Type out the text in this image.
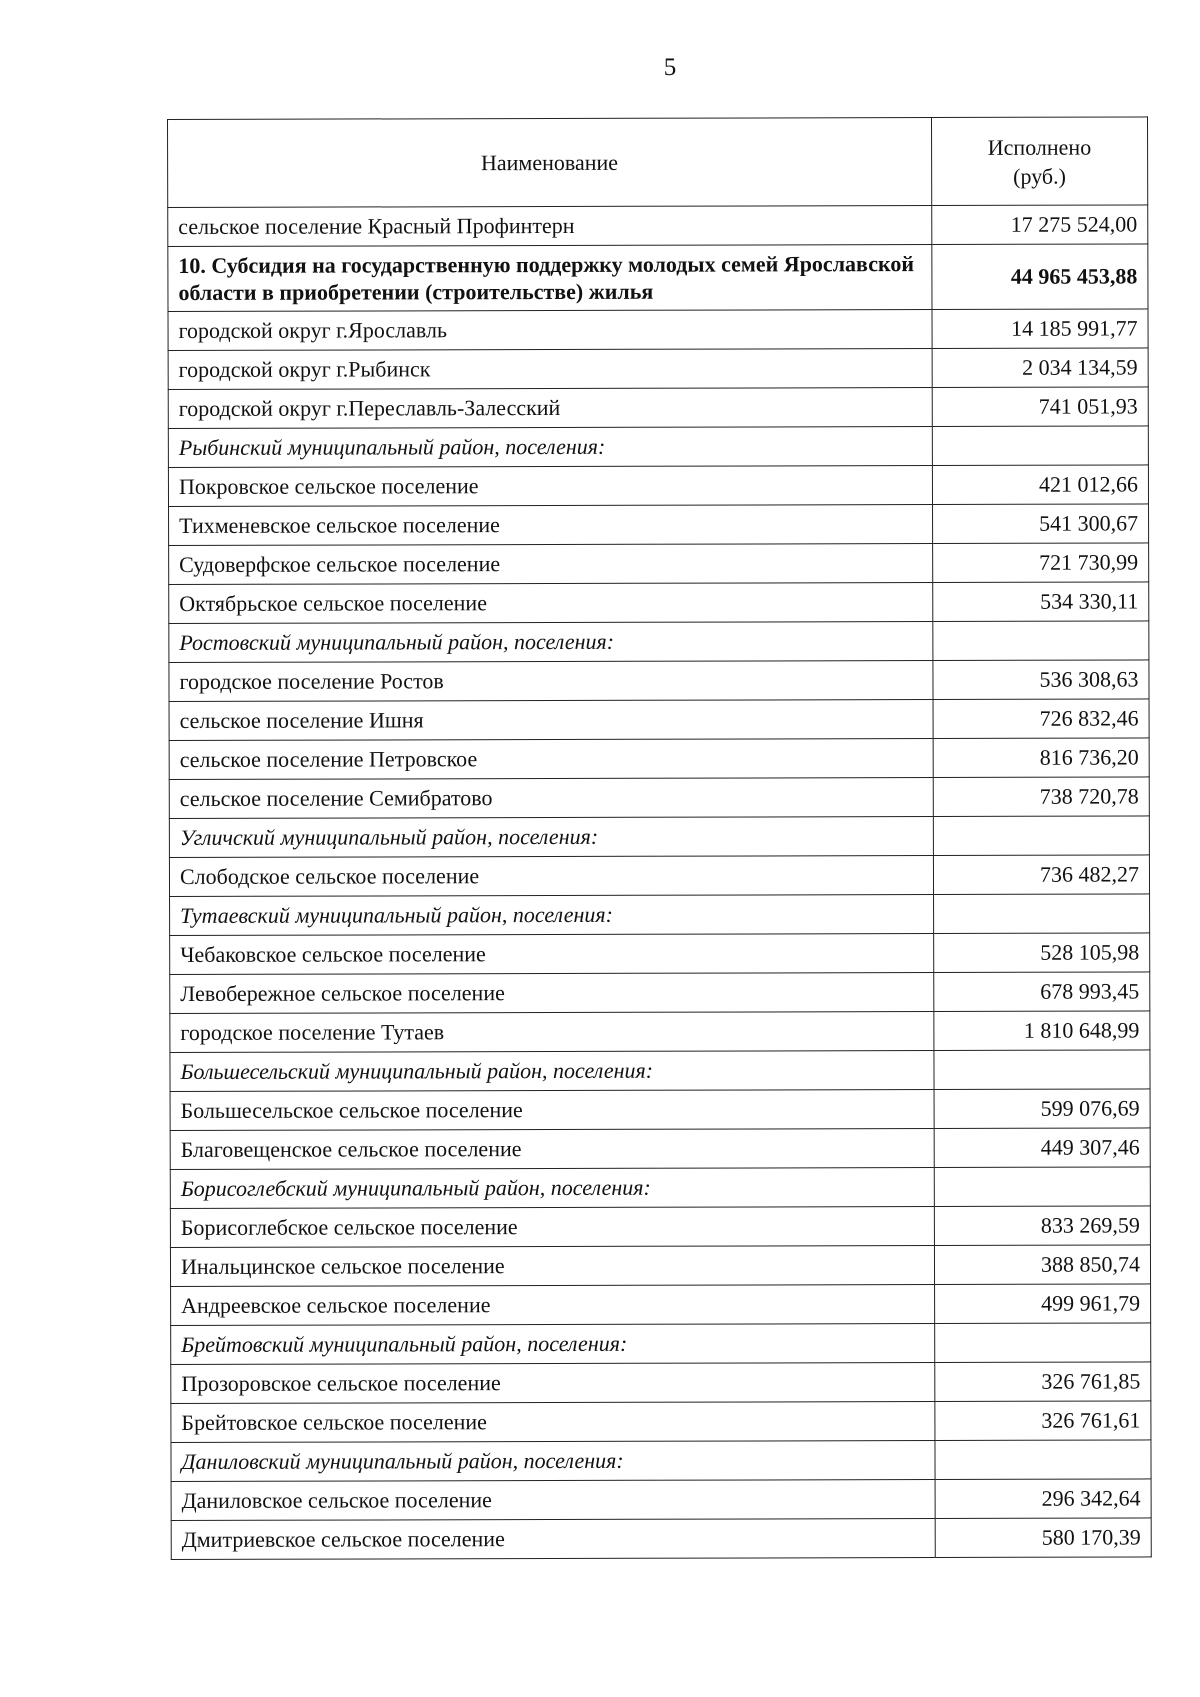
5
Наименование	Исполнено
(руб.)
сельское поселение Красный Профинтерн	17 275 524,00
10. Субсидия на государственную поддержку молодых семей Ярославской области в приобретении (строительстве) жилья	44 965 453,88
городской округ г.Ярославль	14 185 991,77
городской округ г.Рыбинск	2 034 134,59
городской округ г.Переславль-Залесский	741 051,93
Рыбинский муниципальный район, поселения:	
Покровское сельское поселение	421 012,66
Тихменевское сельское поселение	541 300,67
Судоверфское сельское поселение	721 730,99
Октябрьское сельское поселение	534 330,11
Ростовский муниципальный район, поселения:	
городское поселение Ростов	536 308,63
сельское поселение Ишня	726 832,46
сельское поселение Петровское	816 736,20
сельское поселение Семибратово	738 720,78
Угличский муниципальный район, поселения:	
Слободское сельское поселение	736 482,27
Тутаевский муниципальный район, поселения:	
Чебаковское сельское поселение	528 105,98
Левобережное сельское поселение	678 993,45
городское поселение Тутаев	1 810 648,99
Большесельский муниципальный район, поселения:	
Большесельское сельское поселение	599 076,69
Благовещенское сельское поселение	449 307,46
Борисоглебский муниципальный район, поселения:	
Борисоглебское сельское поселение	833 269,59
Инальцинское сельское поселение	388 850,74
Андреевское сельское поселение	499 961,79
Брейтовский муниципальный район, поселения:	
Прозоровское сельское поселение	326 761,85
Брейтовское сельское поселение	326 761,61
Даниловский муниципальный район, поселения:	
Даниловское сельское поселение	296 342,64
Дмитриевское сельское поселение	580 170,39
